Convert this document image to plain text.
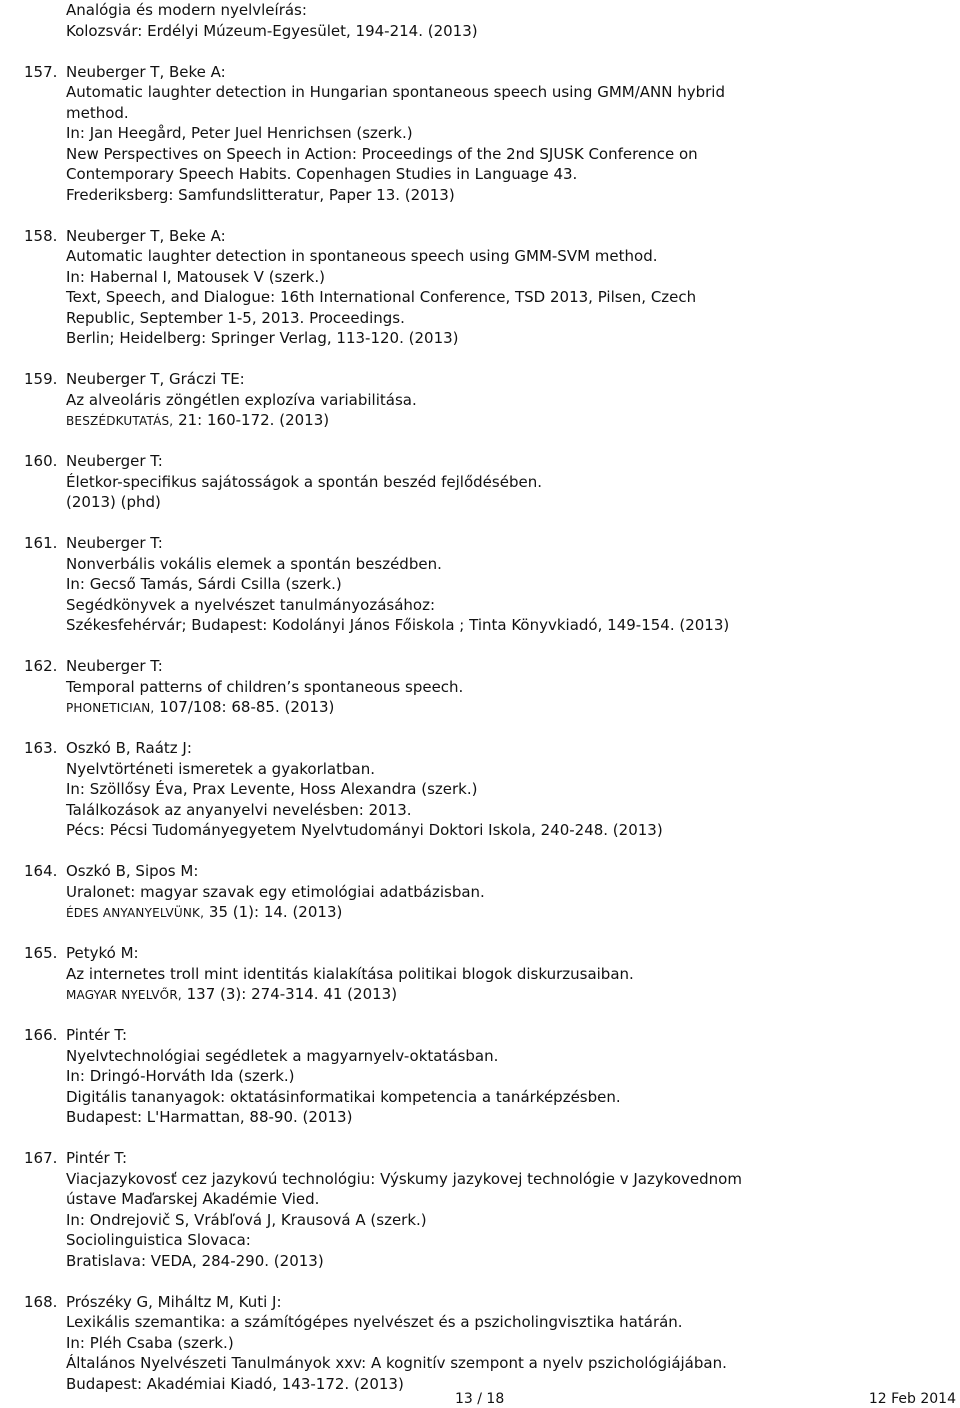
Analógia és modern nyelvleírás:
Kolozsvár: Erdélyi Múzeum-Egyesület, 194-214. (2013)
157. Neuberger T, Beke A:
Automatic laughter detection in Hungarian spontaneous speech using GMM/ANN hybrid
method.
In: Jan Heegård, Peter Juel Henrichsen (szerk.)
New Perspectives on Speech in Action: Proceedings of the 2nd SJUSK Conference on
Contemporary Speech Habits. Copenhagen Studies in Language 43.
Frederiksberg: Samfundslitteratur, Paper 13. (2013)
158. Neuberger T, Beke A:
Automatic laughter detection in spontaneous speech using GMM-SVM method.
In: Habernal I, Matousek V (szerk.)
Text, Speech, and Dialogue: 16th International Conference, TSD 2013, Pilsen, Czech
Republic, September 1-5, 2013. Proceedings.
Berlin; Heidelberg: Springer Verlag, 113-120. (2013)
159. Neuberger T, Gráczi TE:
Az alveoláris zöngétlen explozíva variabilitása.
BESZÉDKUTATÁS, 21: 160-172. (2013)
160. Neuberger T:
Életkor-specifikus sajátosságok a spontán beszéd fejlődésében.
(2013) (phd)
161. Neuberger T:
Nonverbális vokális elemek a spontán beszédben.
In: Gecső Tamás, Sárdi Csilla (szerk.)
Segédkönyvek a nyelvészet tanulmányozásához:
Székesfehérvár; Budapest: Kodolányi János Főiskola ; Tinta Könyvkiadó, 149-154. (2013)
162. Neuberger T:
Temporal patterns of children’s spontaneous speech.
PHONETICIAN, 107/108: 68-85. (2013)
163. Oszkó B, Raátz J:
Nyelvtörténeti ismeretek a gyakorlatban.
In: Szöllősy Éva, Prax Levente, Hoss Alexandra (szerk.)
Találkozások az anyanyelvi nevelésben: 2013.
Pécs: Pécsi Tudományegyetem Nyelvtudományi Doktori Iskola, 240-248. (2013)
164. Oszkó B, Sipos M:
Uralonet: magyar szavak egy etimológiai adatbázisban.
ÉDES ANYANYELVÜNK, 35 (1): 14. (2013)
165. Petykó M:
Az internetes troll mint identitás kialakítása politikai blogok diskurzusaiban.
MAGYAR NYELVŐR, 137 (3): 274-314. 41 (2013)
166. Pintér T:
Nyelvtechnológiai segédletek a magyarnyelv-oktatásban.
In: Dringó-Horváth Ida (szerk.)
Digitális tananyagok: oktatásinformatikai kompetencia a tanárképzésben.
Budapest: L'Harmattan, 88-90. (2013)
167. Pintér T:
Viacjazykovosť cez jazykovú technológiu: Výskumy jazykovej technológie v Jazykovednom
ústave Maďarskej Akadémie Vied.
In: Ondrejovič S, Vrábľová J, Krausová A (szerk.)
Sociolinguistica Slovaca:
Bratislava: VEDA, 284-290. (2013)
168. Prószéky G, Miháltz M, Kuti J:
Lexikális szemantika: a számítógépes nyelvészet és a pszicholingvisztika határán.
In: Pléh Csaba (szerk.)
Általános Nyelvészeti Tanulmányok xxv: A kognitív szempont a nyelv pszichológiájában.
Budapest: Akadémiai Kiadó, 143-172. (2013)
13 / 18	12 Feb 2014
